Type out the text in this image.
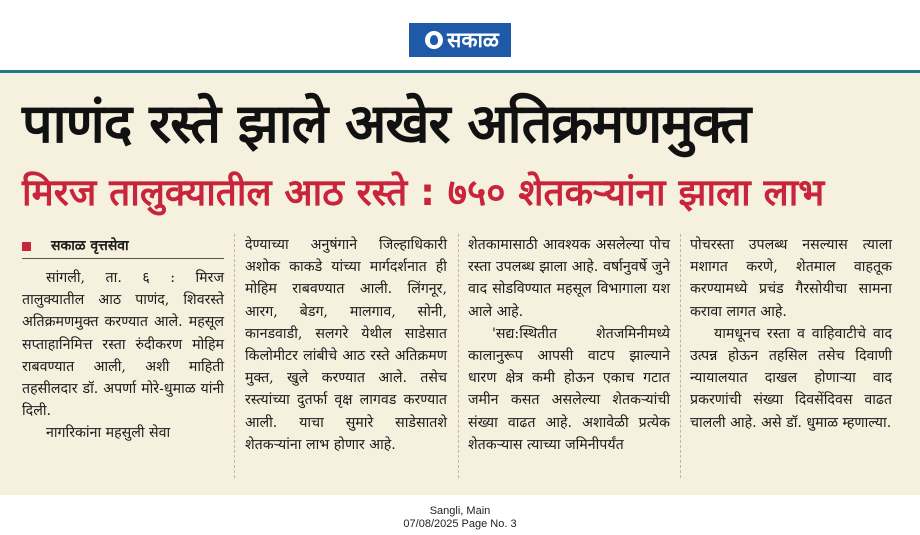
सकाळ
पाणंद रस्ते झाले अखेर अतिक्रमणमुक्त
मिरज तालुक्यातील आठ रस्ते : ७५० शेतकऱ्यांना झाला लाभ
सकाळ वृत्तसेवा

सांगली, ता. ६ : मिरज तालुक्यातील आठ पाणंद, शिवरस्ते अतिक्रमणमुक्त करण्यात आले. महसूल सप्ताहानिमित्त रस्ता रुंदीकरण मोहिम राबवण्यात आली, अशी माहिती तहसीलदार डॉ. अपर्णा मोरे-धुमाळ यांनी दिली.

नागरिकांना महसुली सेवा

देण्याच्या अनुषंगाने जिल्हाधिकारी अशोक काकडे यांच्या मार्गदर्शनात ही मोहिम राबवण्यात आली. लिंगनूर, आरग, बेडग, मालगाव, सोनी, कानडवाडी, सलगरे येथील साडेसात किलोमीटर लांबीचे आठ रस्ते अतिक्रमण मुक्त, खुले करण्यात आले. तसेच रस्त्यांच्या दुतर्फा वृक्ष लागवड करण्यात आली. याचा सुमारे साडेसातशे शेतकऱ्यांना लाभ होणार आहे.

शेतकामासाठी आवश्यक असलेल्या पोच रस्ता उपलब्ध झाला आहे. वर्षानुवर्षे जुने वाद सोडविण्यात महसूल विभागाला यश आले आहे.

'सद्य:स्थितीत शेतजमिनीमध्ये कालानुरूप आपसी वाटप झाल्याने धारण क्षेत्र कमी होऊन एकाच गटात जमीन कसत असलेल्या शेतकऱ्यांची संख्या वाढत आहे. अशावेळी प्रत्येक शेतकऱ्यास त्याच्या जमिनीपर्यंत

पोचरस्ता उपलब्ध नसल्यास त्याला मशागत करणे, शेतमाल वाहतूक करण्यामध्ये प्रचंड गैरसोयीचा सामना करावा लागत आहे.

यामधूनच रस्ता व वाहिवाटीचे वाद उत्पन्न होऊन तहसिल तसेच दिवाणी न्यायालयात दाखल होणाऱ्या वाद प्रकरणांची संख्या दिवसेंदिवस वाढत चालली आहे. असे डॉ. धुमाळ म्हणाल्या.

Sangli, Main
07/08/2025 Page No. 3
